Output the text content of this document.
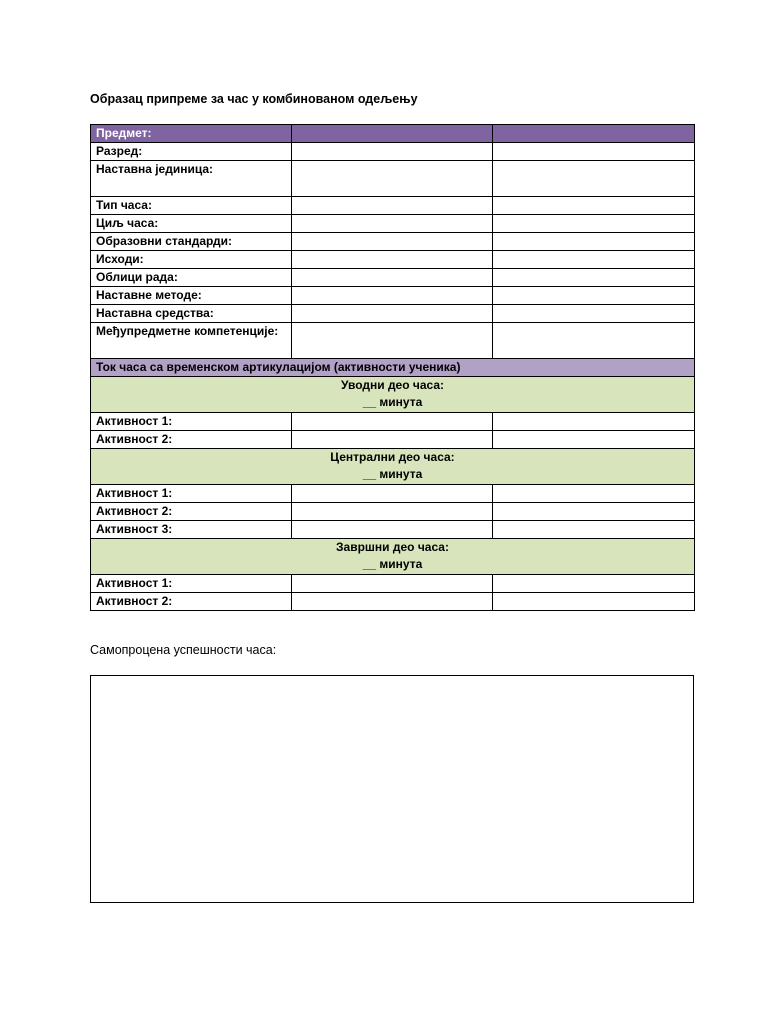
Образац припреме за час у комбинованом одељењу
Предмет:		
Разред:		
Наставна јединица:		
Тип часа:		
Циљ часа:		
Образовни стандарди:		
Исходи:		
Облици рада:		
Наставне методе:		
Наставна средства:		
Међупредметне компетенције:		
Ток часа са временском артикулацијом (активности ученика)		

Уводни део часа:
__ минута		

Активност 1:		
Активност 2:		

Централни део часа:
__ минута		

Активност 1:		
Активност 2:		
Активност 3:		

Завршни део часа:
__ минута		

Активност 1:		
Активност 2:		
Самопроцена успешности часа:
